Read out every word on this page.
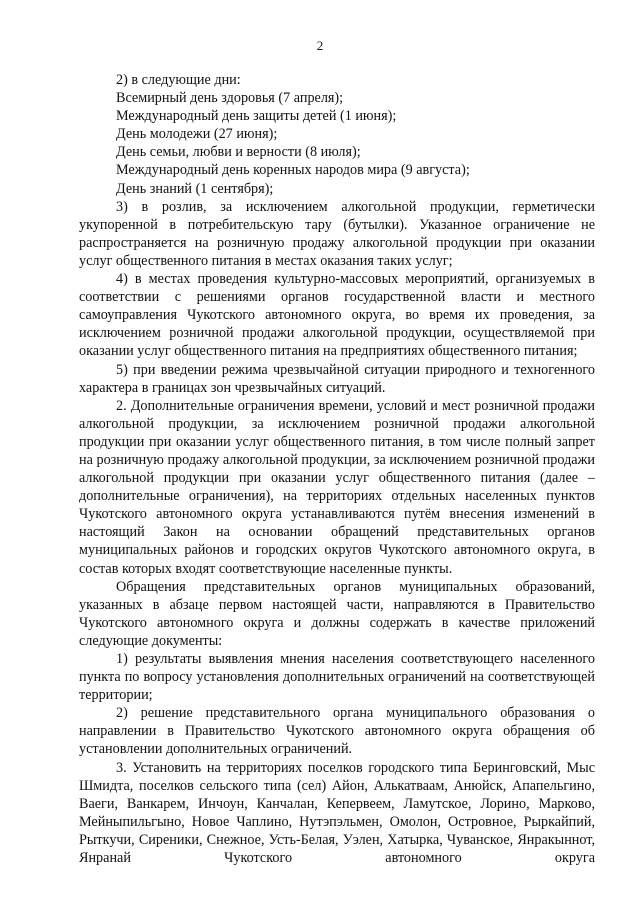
2

2) в следующие дни:

Всемирный день здоровья (7 апреля);

Международный день защиты детей (1 июня);

День молодежи (27 июня);

День семьи, любви и верности (8 июля);

Международный день коренных народов мира (9 августа);

День знаний (1 сентября);

3) в розлив, за исключением алкогольной продукции, герметически укупоренной в потребительскую тару (бутылки). Указанное ограничение не распространяется на розничную продажу алкогольной продукции при оказании услуг общественного питания в местах оказания таких услуг;

4) в местах проведения культурно-массовых мероприятий, организуемых в соответствии с решениями органов государственной власти и местного самоуправления Чукотского автономного округа, во время их проведения, за исключением розничной продажи алкогольной продукции, осуществляемой при оказании услуг общественного питания на предприятиях общественного питания;

5) при введении режима чрезвычайной ситуации природного и техногенного характера в границах зон чрезвычайных ситуаций.

2. Дополнительные ограничения времени, условий и мест розничной продажи алкогольной продукции, за исключением розничной продажи алкогольной продукции при оказании услуг общественного питания, в том числе полный запрет на розничную продажу алкогольной продукции, за исключением розничной продажи алкогольной продукции при оказании услуг общественного питания (далее – дополнительные ограничения), на территориях отдельных населенных пунктов Чукотского автономного округа устанавливаются путём внесения изменений в настоящий Закон на основании обращений представительных органов муниципальных районов и городских округов Чукотского автономного округа, в состав которых входят соответствующие населенные пункты.

Обращения представительных органов муниципальных образований, указанных в абзаце первом настоящей части, направляются в Правительство Чукотского автономного округа и должны содержать в качестве приложений следующие документы:

1) результаты выявления мнения населения соответствующего населенного пункта по вопросу установления дополнительных ограничений на соответствующей территории;

2) решение представительного органа муниципального образования о направлении в Правительство Чукотского автономного округа обращения об установлении дополнительных ограничений.

3. Установить на территориях поселков городского типа Беринговский, Мыс Шмидта, поселков сельского типа (сел) Айон, Алькатваам, Анюйск, Апапельгино, Ваеги, Ванкарем, Инчоун, Канчалан, Кепервеем, Ламутское, Лорино, Марково, Мейныпильгыно, Новое Чаплино, Нутэпэльмен, Омолон, Островное, Рыркайпий, Рыткучи, Сиреники, Снежное, Усть-Белая, Уэлен, Хатырка, Чуванское, Янракыннот, Янранай Чукотского автономного округа
